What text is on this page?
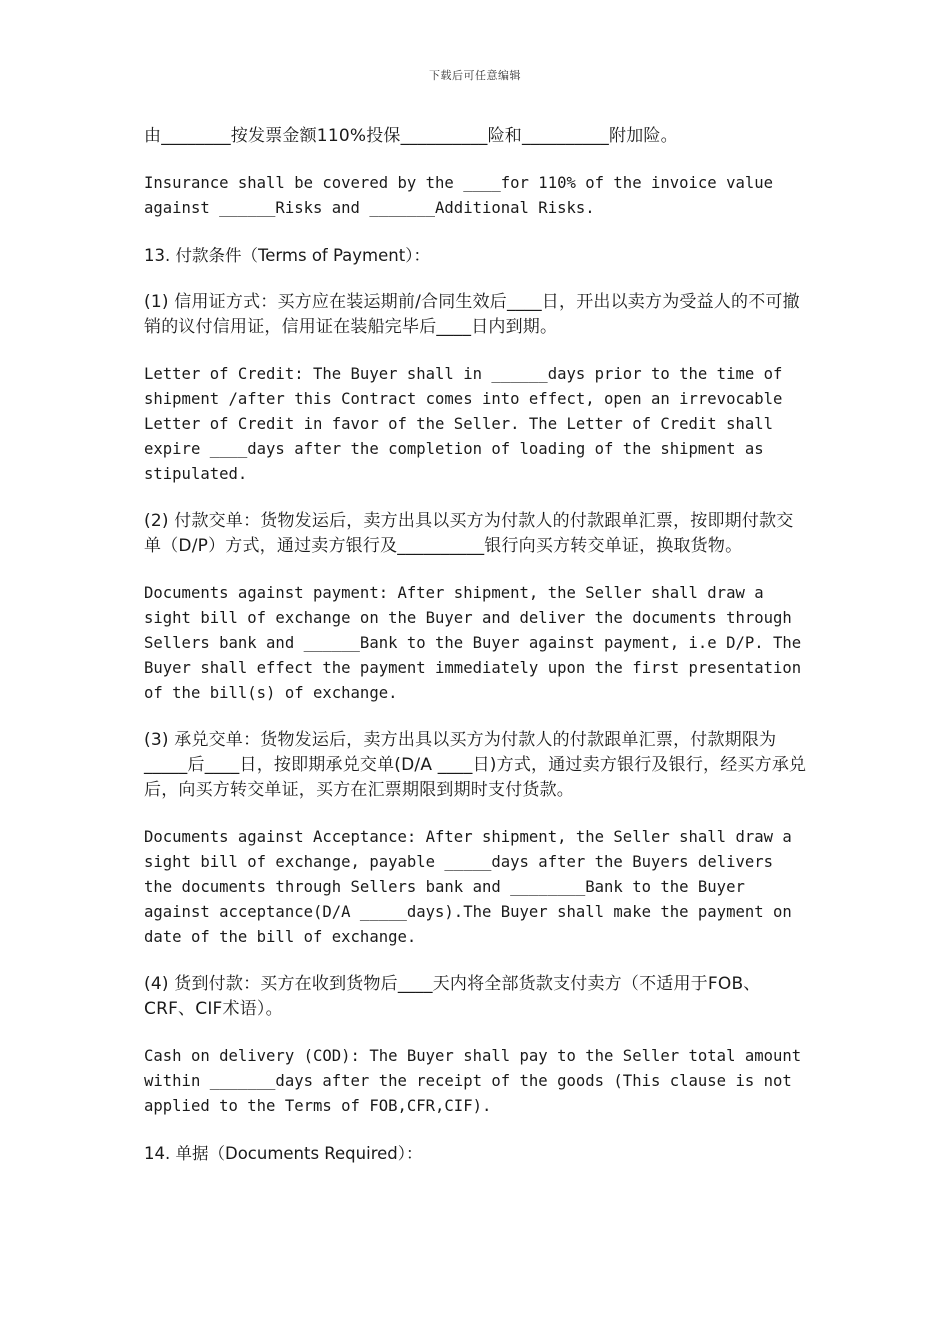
下载后可任意编辑

由________按发票金额110%投保__________险和__________附加险。

Insurance shall be covered by the ____for 110% of the invoice value against ______Risks and _______Additional Risks.

13. 付款条件（Terms of Payment）：

(1) 信用证方式：买方应在装运期前/合同生效后____日，开出以卖方为受益人的不可撤销的议付信用证，信用证在装船完毕后____日内到期。

Letter of Credit: The Buyer shall in ______days prior to the time of shipment /after this Contract comes into effect, open an irrevocable Letter of Credit in favor of the Seller. The Letter of Credit shall expire ____days after the completion of loading of the shipment as stipulated.

(2) 付款交单：货物发运后，卖方出具以买方为付款人的付款跟单汇票，按即期付款交单（D/P）方式，通过卖方银行及__________银行向买方转交单证，换取货物。

Documents against payment: After shipment, the Seller shall draw a sight bill of exchange on the Buyer and deliver the documents through Sellers bank and ______Bank to the Buyer against payment, i.e D/P. The Buyer shall effect the payment immediately upon the first presentation of the bill(s) of exchange.

(3) 承兑交单：货物发运后，卖方出具以买方为付款人的付款跟单汇票，付款期限为_____后____日，按即期承兑交单(D/A ____日)方式，通过卖方银行及银行，经买方承兑后，向买方转交单证，买方在汇票期限到期时支付货款。

Documents against Acceptance: After shipment, the Seller shall draw a sight bill of exchange, payable _____days after the Buyers delivers the documents through Sellers bank and ________Bank to the Buyer against acceptance(D/A _____days).The Buyer shall make the payment on date of the bill of exchange.

(4) 货到付款：买方在收到货物后____天内将全部货款支付卖方（不适用于FOB、CRF、CIF术语）。

Cash on delivery (COD): The Buyer shall pay to the Seller total amount within _______days after the receipt of the goods (This clause is not applied to the Terms of FOB,CFR,CIF).

14. 单据（Documents Required）：
